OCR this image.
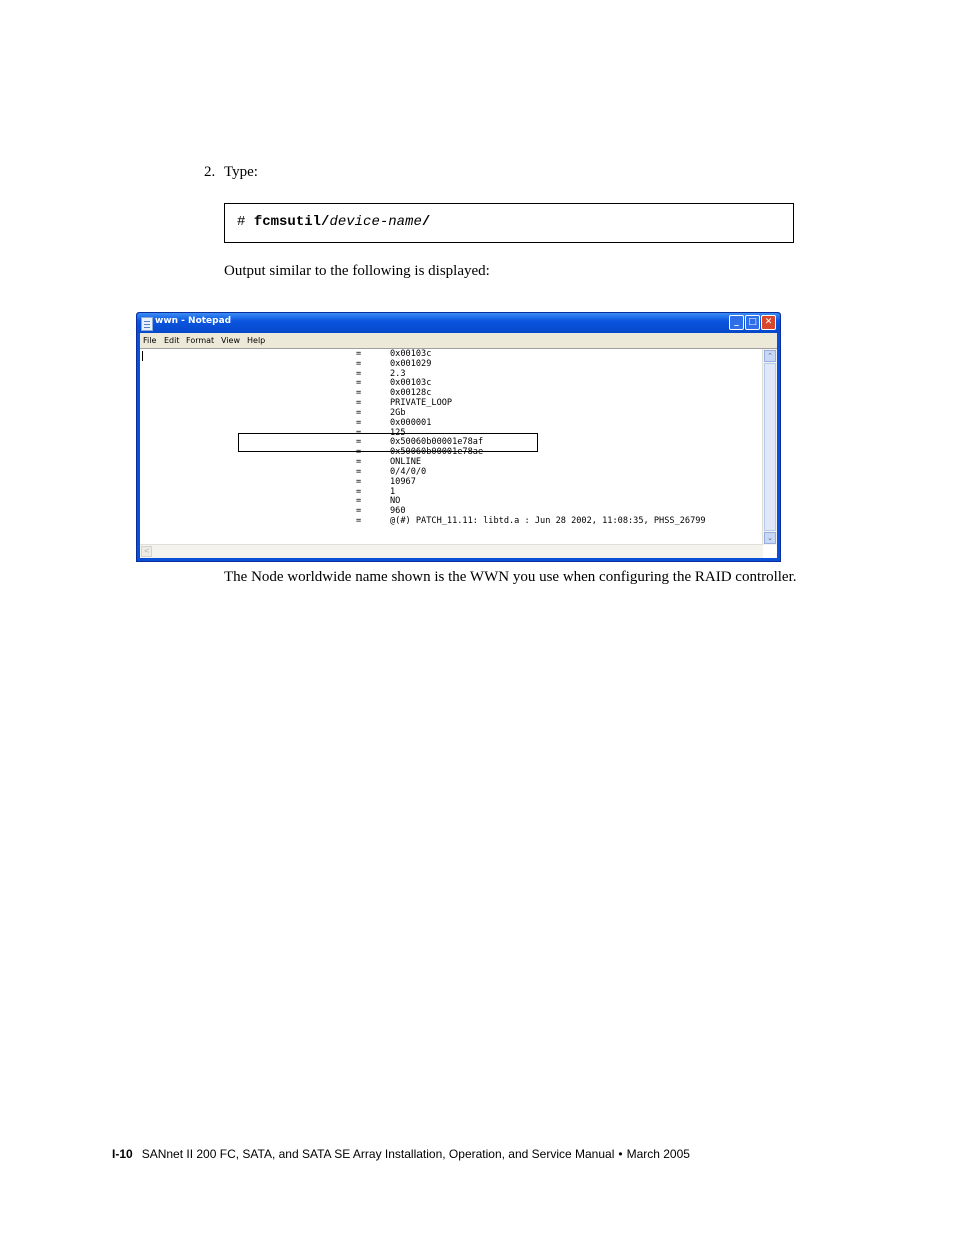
2. Type:
# fcmsutil/device-name/
Output similar to the following is displayed:
wwn - Notepad	_	□ ✕
File Edit Format View Help
=	0x00103c
=	0x001029
=	2.3
=	0x00103c
=	0x00128c
=	PRIVATE_LOOP
=	2Gb
=	0x000001
=	125
=	0x50060b00001e78af
=	0x50060b00001e78ae
=	ONLINE
=	0/4/0/0
=	10967
=	1
=	NO
=	960
=	@(#) PATCH_11.11: libtd.a : Jun 28 2002, 11:08:35, PHSS_26799
⌃
⌄
<
The Node worldwide name shown is the WWN you use when configuring the RAID controller.
I-10 SANnet II 200 FC, SATA, and SATA SE Array Installation, Operation, and Service Manual • March 2005
